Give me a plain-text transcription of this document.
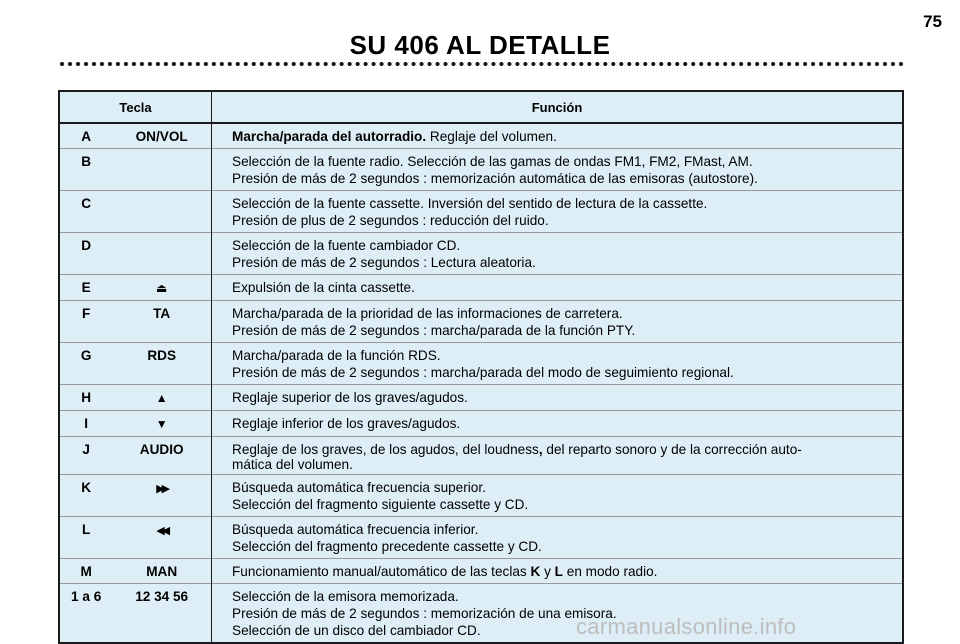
75
SU 406 AL DETALLE
Tecla		Función
A	ON/VOL	Marcha/parada del autorradio. Reglaje del volumen.

B		Selección de la fuente radio. Selección de las gamas de ondas FM1, FM2, FMast, AM.
Presión de más de 2 segundos : memorización automática de las emisoras (autostore).

C		Selección de la fuente cassette. Inversión del sentido de lectura de la cassette.
Presión de plus de 2 segundos : reducción del ruido.

D		Selección de la fuente cambiador CD.
Presión de más de 2 segundos : Lectura aleatoria.

E	⏏	Expulsión de la cinta cassette.

F	TA	Marcha/parada de la prioridad de las informaciones de carretera.
Presión de más de 2 segundos : marcha/parada de la función PTY.

G	RDS	Marcha/parada de la función RDS.
Presión de más de 2 segundos : marcha/parada del modo de seguimiento regional.

H	▲	Reglaje superior de los graves/agudos.

I	▼	Reglaje inferior de los graves/agudos.

J	AUDIO	Reglaje de los graves, de los agudos, del loudness, del reparto sonoro y de la corrección auto-
mática del volumen.

K	▶▶	Búsqueda automática frecuencia superior.
Selección del fragmento siguiente cassette y CD.

L	◀◀	Búsqueda automática frecuencia inferior.
Selección del fragmento precedente cassette y CD.

M	MAN	Funcionamiento manual/automático de las teclas K y L en modo radio.

1 a 6	12 34 56	Selección de la emisora memorizada.
Presión de más de 2 segundos : memorización de una emisora.
Selección de un disco del cambiador CD.	carmanualsonline.info
